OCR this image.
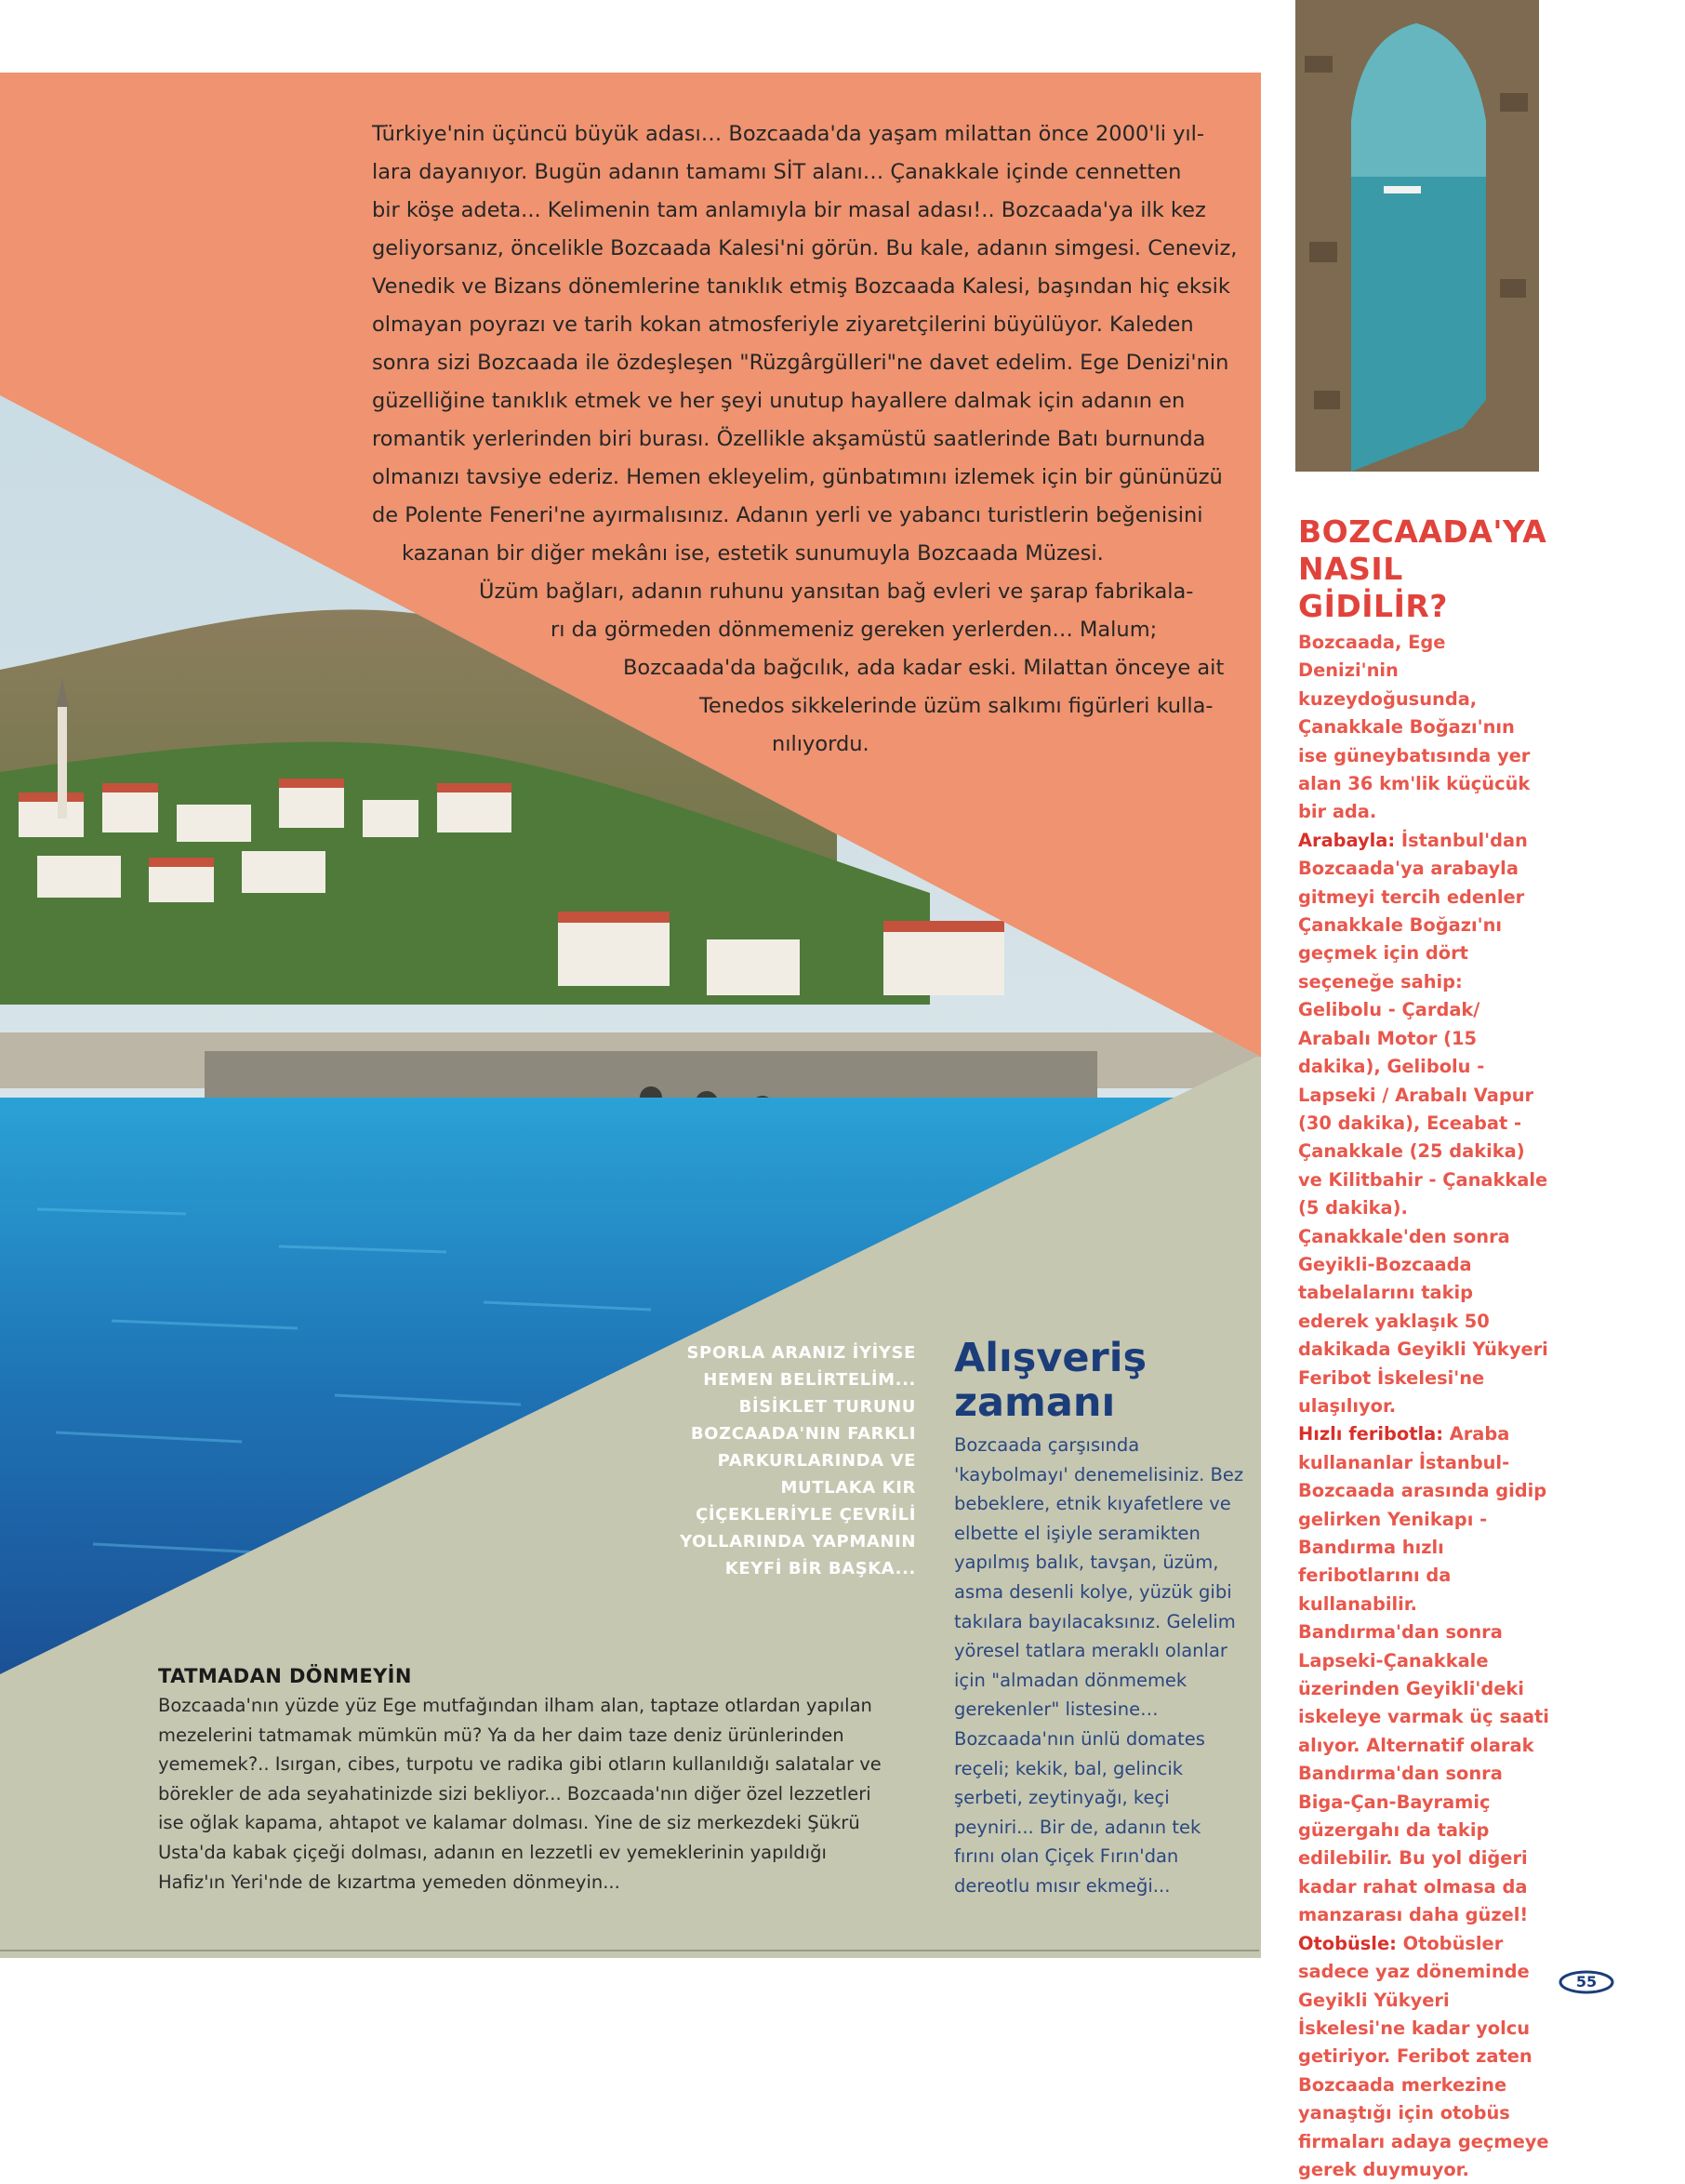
Türkiye'nin üçüncü büyük adası… Bozcaada'da yaşam milattan önce 2000'li yıl-
lara dayanıyor. Bugün adanın tamamı SİT alanı… Çanakkale içinde cennetten
bir köşe adeta... Kelimenin tam anlamıyla bir masal adası!.. Bozcaada'ya ilk kez
geliyorsanız, öncelikle Bozcaada Kalesi'ni görün. Bu kale, adanın simgesi. Ceneviz,
Venedik ve Bizans dönemlerine tanıklık etmiş Bozcaada Kalesi, başından hiç eksik
olmayan poyrazı ve tarih kokan atmosferiyle ziyaretçilerini büyülüyor. Kaleden
sonra sizi Bozcaada ile özdeşleşen "Rüzgârgülleri"ne davet edelim. Ege Denizi'nin
güzelliğine tanıklık etmek ve her şeyi unutup hayallere dalmak için adanın en
romantik yerlerinden biri burası. Özellikle akşamüstü saatlerinde Batı burnunda
olmanızı tavsiye ederiz. Hemen ekleyelim, günbatımını izlemek için bir gününüzü
de Polente Feneri'ne ayırmalısınız. Adanın yerli ve yabancı turistlerin beğenisini
kazanan bir diğer mekânı ise, estetik sunumuyla Bozcaada Müzesi.
Üzüm bağları, adanın ruhunu yansıtan bağ evleri ve şarap fabrikala-
rı da görmeden dönmemeniz gereken yerlerden… Malum;
Bozcaada'da bağcılık, ada kadar eski. Milattan önceye ait
Tenedos sikkelerinde üzüm salkımı figürleri kulla-
nılıyordu.
BOZCAADA'YA
NASIL GİDİLİR?
Bozcaada, Ege Denizi'nin kuzeydoğusunda, Çanakkale Boğazı'nın ise güneybatısında yer alan 36 km'lik küçücük bir ada.
Arabayla: İstanbul'dan Bozcaada'ya arabayla gitmeyi tercih edenler Çanakkale Boğazı'nı geçmek için dört seçeneğe sahip: Gelibolu - Çardak/ Arabalı Motor (15 dakika), Gelibolu - Lapseki / Arabalı Vapur (30 dakika), Eceabat - Çanakkale (25 dakika) ve Kilitbahir - Çanakkale (5 dakika). Çanakkale'den sonra Geyikli-Bozcaada tabelalarını takip ederek yaklaşık 50 dakikada Geyikli Yükyeri Feribot İskelesi'ne ulaşılıyor.
Hızlı feribotla: Araba kullananlar İstanbul-Bozcaada arasında gidip gelirken Yenikapı - Bandırma hızlı feribotlarını da kullanabilir. Bandırma'dan sonra Lapseki-Çanakkale üzerinden Geyikli'deki iskeleye varmak üç saati alıyor. Alternatif olarak Bandırma'dan sonra Biga-Çan-Bayramiç güzergahı da takip edilebilir. Bu yol diğeri kadar rahat olmasa da manzarası daha güzel!
Otobüsle: Otobüsler sadece yaz döneminde Geyikli Yükyeri İskelesi'ne kadar yolcu getiriyor. Feribot zaten Bozcaada merkezine yanaştığı için otobüs firmaları adaya geçmeye gerek duymuyor.
SPORLA ARANIZ İYİYSE HEMEN BELİRTELİM... BİSİKLET TURUNU BOZCAADA'NIN FARKLI PARKURLARINDA VE MUTLAKA KIR ÇİÇEKLERİYLE ÇEVRİLİ YOLLARINDA YAPMANIN KEYFİ BİR BAŞKA...
Alışveriş
zamanı
Bozcaada çarşısında 'kaybolmayı' denemelisiniz. Bez bebeklere, etnik kıyafetlere ve elbette el işiyle seramikten yapılmış balık, tavşan, üzüm, asma desenli kolye, yüzük gibi takılara bayılacaksınız. Gelelim yöresel tatlara meraklı olanlar için "almadan dönmemek gerekenler" listesine… Bozcaada'nın ünlü domates reçeli; kekik, bal, gelincik şerbeti, zeytinyağı, keçi peyniri... Bir de, adanın tek fırını olan Çiçek Fırın'dan dereotlu mısır ekmeği...
TATMADAN DÖNMEYİN
Bozcaada'nın yüzde yüz Ege mutfağından ilham alan, taptaze otlardan yapılan mezelerini tatmamak mümkün mü? Ya da her daim taze deniz ürünlerinden yememek?.. Isırgan, cibes, turpotu ve radika gibi otların kullanıldığı salatalar ve börekler de ada seyahatinizde sizi bekliyor... Bozcaada'nın diğer özel lezzetleri ise oğlak kapama, ahtapot ve kalamar dolması. Yine de siz merkezdeki Şükrü Usta'da kabak çiçeği dolması, adanın en lezzetli ev yemeklerinin yapıldığı Hafiz'ın Yeri'nde de kızartma yemeden dönmeyin...
55
